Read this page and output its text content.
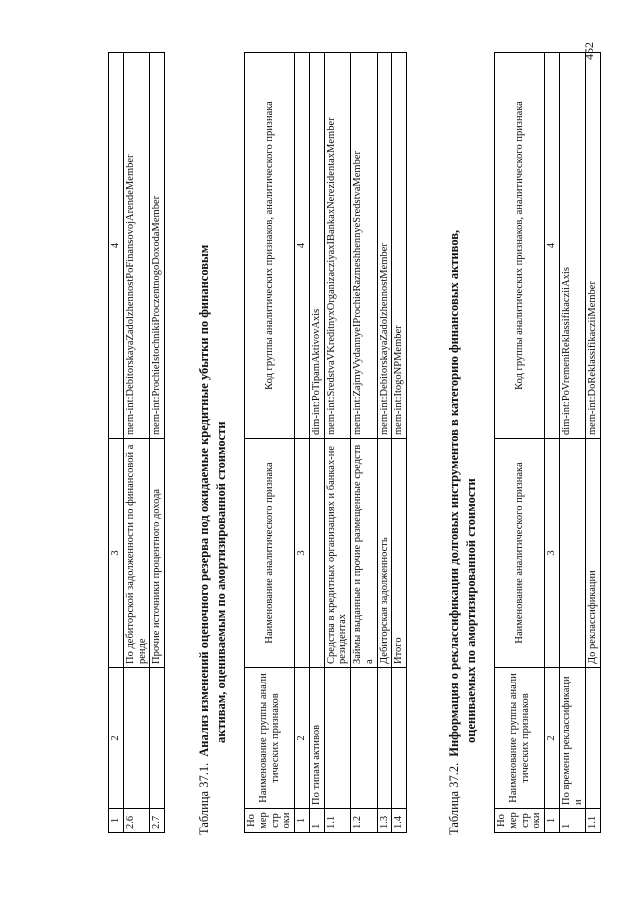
452
1	2	3	4
2.6		По дебиторской задолженности по финансовой аренде	mem-int:DebitorskayaZadolzhennostPoFinansovojArendeMember
2.7		Прочие источники процентного дохода	mem-int:ProchieIstochnikiProczentnogoDoxodaMember
Таблица 37.1.Анализ изменений оценочного резерва под ожидаемые кредитные убытки по финансовым активам, оцениваемым по амортизированной стоимости
Номер строки	Наименование группы аналитических признаков	Наименование аналитического признака	Код группы аналитических признаков, аналитического признака
1	2	3	4
1	По типам активов		dim-int:PoTipamAktivovAxis
1.1		Средства в кредитных организациях и банках-нерезидентах	mem-int:SredstvaVKreditnyxOrganizacziyaxIBankaxNerezidentaxMember
1.2		Займы выданные и прочие размещенные средства	mem-int:ZajmyVydannyeIProchieRazmeshhennyeSredstvaMember
1.3		Дебиторская задолженность	mem-int:DebitorskayaZadolzhennostMember
1.4		Итого	mem-int:ItogoNPMember
Таблица 37.2.Информация о реклассификации долговых инструментов в категорию финансовых активов, оцениваемых по амортизированной стоимости
Номер строки	Наименование группы аналитических признаков	Наименование аналитического признака	Код группы аналитических признаков, аналитического признака
1	2	3	4
1	По времени реклассификации		dim-int:PoVremeniReklassifikacziiAxis
1.1		До реклассификации	mem-int:DoReklassifikacziiMember
